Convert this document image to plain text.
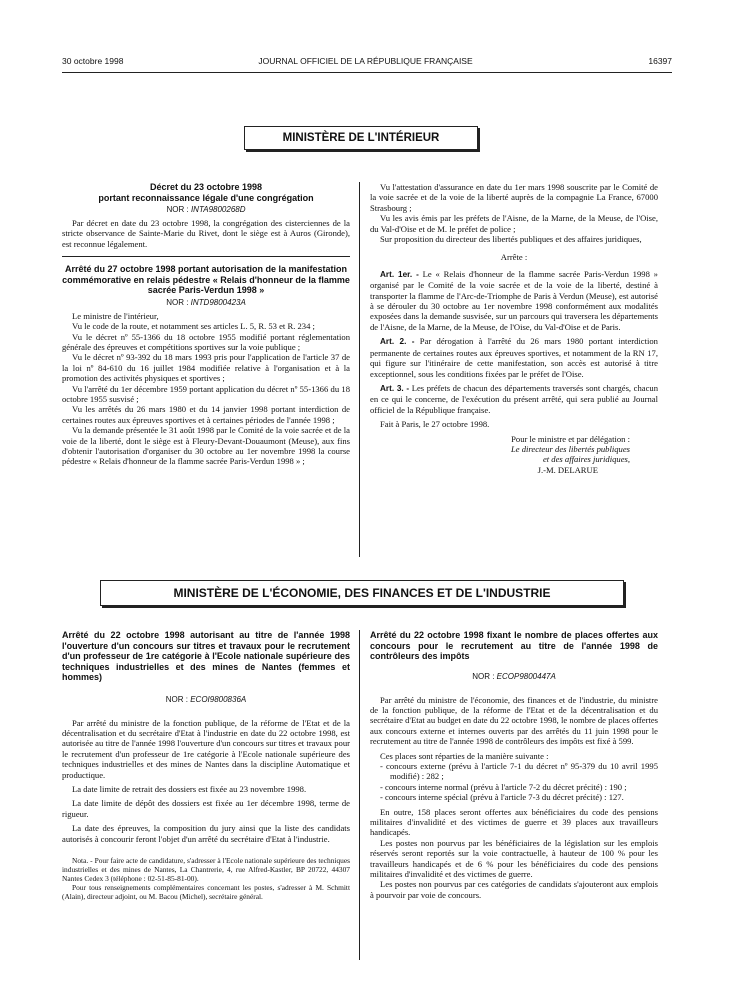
30 octobre 1998	JOURNAL OFFICIEL DE LA RÉPUBLIQUE FRANÇAISE	16397
MINISTÈRE DE L'INTÉRIEUR
Décret du 23 octobre 1998
portant reconnaissance légale d'une congrégation
NOR : INTA9800268D

Par décret en date du 23 octobre 1998, la congrégation des cisterciennes de la stricte observance de Sainte-Marie du Rivet, dont le siège est à Auros (Gironde), est reconnue légalement.

Arrêté du 27 octobre 1998 portant autorisation de la manifestation commémorative en relais pédestre « Relais d'honneur de la flamme sacrée Paris-Verdun 1998 »
NOR : INTD9800423A

Le ministre de l'intérieur,

Vu le code de la route, et notamment ses articles L. 5, R. 53 et R. 234 ;

Vu le décret nº 55-1366 du 18 octobre 1955 modifié portant réglementation générale des épreuves et compétitions sportives sur la voie publique ;

Vu le décret nº 93-392 du 18 mars 1993 pris pour l'application de l'article 37 de la loi nº 84-610 du 16 juillet 1984 modifiée relative à l'organisation et à la promotion des activités physiques et sportives ;

Vu l'arrêté du 1er décembre 1959 portant application du décret nº 55-1366 du 18 octobre 1955 susvisé ;

Vu les arrêtés du 26 mars 1980 et du 14 janvier 1998 portant interdiction de certaines routes aux épreuves sportives et à certaines périodes de l'année 1998 ;

Vu la demande présentée le 31 août 1998 par le Comité de la voie sacrée et de la voie de la liberté, dont le siège est à Fleury-Devant-Douaumont (Meuse), aux fins d'obtenir l'autorisation d'organiser du 30 octobre au 1er novembre 1998 la course pédestre « Relais d'honneur de la flamme sacrée Paris-Verdun 1998 » ;

Vu l'attestation d'assurance en date du 1er mars 1998 souscrite par le Comité de la voie sacrée et de la voie de la liberté auprès de la compagnie La France, 67000 Strasbourg ;

Vu les avis émis par les préfets de l'Aisne, de la Marne, de la Meuse, de l'Oise, du Val-d'Oise et de M. le préfet de police ;

Sur proposition du directeur des libertés publiques et des affaires juridiques,

Arrête :

Art. 1er. - Le « Relais d'honneur de la flamme sacrée Paris-Verdun 1998 » organisé par le Comité de la voie sacrée et de la voie de la liberté, destiné à transporter la flamme de l'Arc-de-Triomphe de Paris à Verdun (Meuse), est autorisé à se dérouler du 30 octobre au 1er novembre 1998 conformément aux modalités exposées dans la demande susvisée, sur un parcours qui traversera les départements de l'Aisne, de la Marne, de la Meuse, de l'Oise, du Val-d'Oise et de Paris.

Art. 2. - Par dérogation à l'arrêté du 26 mars 1980 portant interdiction permanente de certaines routes aux épreuves sportives, et notamment de la RN 17, qui figure sur l'itinéraire de cette manifestation, son accès est autorisé à titre exceptionnel, sous les conditions fixées par le préfet de l'Oise.

Art. 3. - Les préfets de chacun des départements traversés sont chargés, chacun en ce qui le concerne, de l'exécution du présent arrêté, qui sera publié au Journal officiel de la République française.

Fait à Paris, le 27 octobre 1998.

Pour le ministre et par délégation :
Le directeur des libertés publiques
et des affaires juridiques,
J.-M. DELARUE
MINISTÈRE DE L'ÉCONOMIE, DES FINANCES ET DE L'INDUSTRIE
Arrêté du 22 octobre 1998 autorisant au titre de l'année 1998 l'ouverture d'un concours sur titres et travaux pour le recrutement d'un professeur de 1re catégorie à l'Ecole nationale supérieure des techniques industrielles et des mines de Nantes (femmes et hommes)
NOR : ECOI9800836A

Par arrêté du ministre de la fonction publique, de la réforme de l'Etat et de la décentralisation et du secrétaire d'Etat à l'industrie en date du 22 octobre 1998, est autorisée au titre de l'année 1998 l'ouverture d'un concours sur titres et travaux pour le recrutement d'un professeur de 1re catégorie à l'Ecole nationale supérieure des techniques industrielles et des mines de Nantes dans la discipline Automatique et productique.

La date limite de retrait des dossiers est fixée au 23 novembre 1998.

La date limite de dépôt des dossiers est fixée au 1er décembre 1998, terme de rigueur.

La date des épreuves, la composition du jury ainsi que la liste des candidats autorisés à concourir feront l'objet d'un arrêté du secrétaire d'Etat à l'industrie.

Nota. - Pour faire acte de candidature, s'adresser à l'Ecole nationale supérieure des techniques industrielles et des mines de Nantes, La Chantrerie, 4, rue Alfred-Kastler, BP 20722, 44307 Nantes Cedex 3 (téléphone : 02-51-85-81-00).
Pour tous renseignements complémentaires concernant les postes, s'adresser à M. Schmitt (Alain), directeur adjoint, ou M. Bacou (Michel), secrétaire général.
Arrêté du 22 octobre 1998 fixant le nombre de places offertes aux concours pour le recrutement au titre de l'année 1998 de contrôleurs des impôts
NOR : ECOP9800447A

Par arrêté du ministre de l'économie, des finances et de l'industrie, du ministre de la fonction publique, de la réforme de l'Etat et de la décentralisation et du secrétaire d'Etat au budget en date du 22 octobre 1998, le nombre de places offertes aux concours externe et internes ouverts par des arrêtés du 11 juin 1998 pour le recrutement au titre de l'année 1998 de contrôleurs des impôts est fixé à 599.

Ces places sont réparties de la manière suivante :

- concours externe (prévu à l'article 7-1 du décret nº 95-379 du 10 avril 1995 modifié) : 282 ;
- concours interne normal (prévu à l'article 7-2 du décret précité) : 190 ;
- concours interne spécial (prévu à l'article 7-3 du décret précité) : 127.

En outre, 158 places seront offertes aux bénéficiaires du code des pensions militaires d'invalidité et des victimes de guerre et 39 places aux travailleurs handicapés.

Les postes non pourvus par les bénéficiaires de la législation sur les emplois réservés seront reportés sur la voie contractuelle, à hauteur de 100 % pour les travailleurs handicapés et de 6 % pour les bénéficiaires du code des pensions militaires d'invalidité et des victimes de guerre.

Les postes non pourvus par ces catégories de candidats s'ajouteront aux emplois à pourvoir par voie de concours.
